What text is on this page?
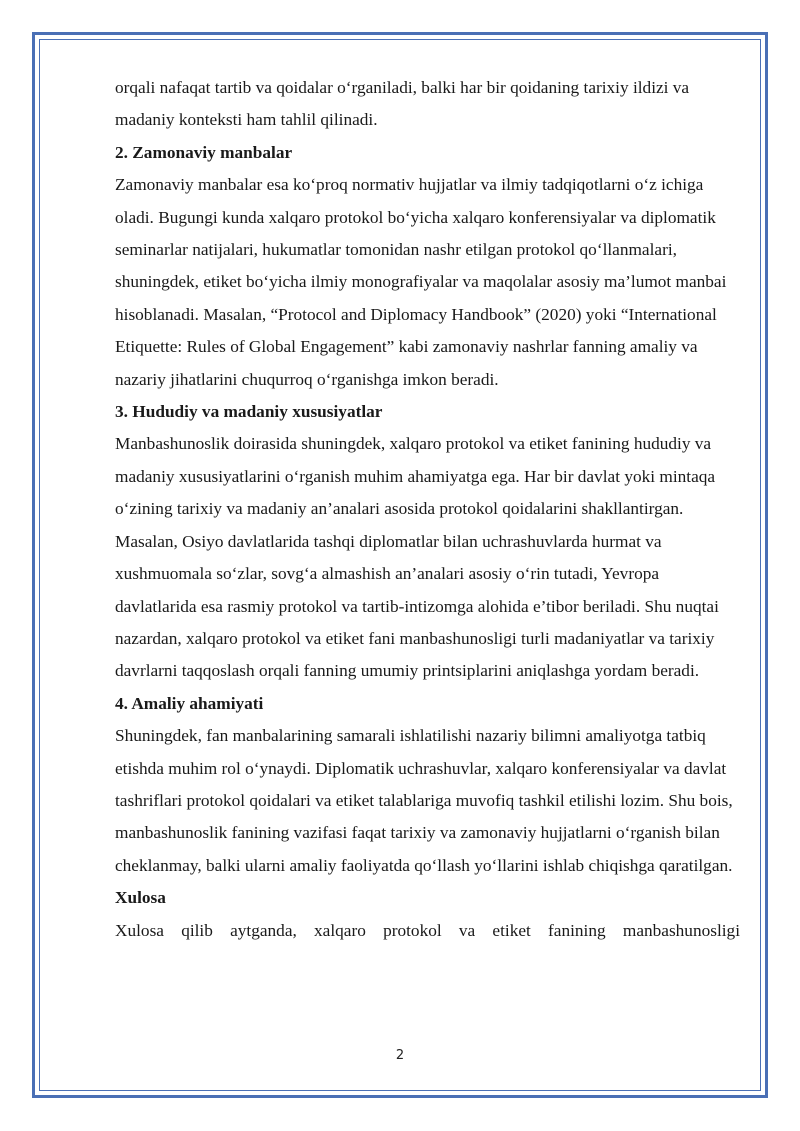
orqali nafaqat tartib va qoidalar o‘rganiladi, balki har bir qoidaning tarixiy ildizi va madaniy konteksti ham tahlil qilinadi.

2. Zamonaviy manbalar

Zamonaviy manbalar esa ko‘proq normativ hujjatlar va ilmiy tadqiqotlarni o‘z ichiga oladi. Bugungi kunda xalqaro protokol bo‘yicha xalqaro konferensiyalar va diplomatik seminarlar natijalari, hukumatlar tomonidan nashr etilgan protokol qo‘llanmalari, shuningdek, etiket bo‘yicha ilmiy monografiyalar va maqolalar asosiy ma’lumot manbai hisoblanadi. Masalan, “Protocol and Diplomacy Handbook” (2020) yoki “International Etiquette: Rules of Global Engagement” kabi zamonaviy nashrlar fanning amaliy va nazariy jihatlarini chuqurroq o‘rganishga imkon beradi.

3. Hududiy va madaniy xususiyatlar

Manbashunoslik doirasida shuningdek, xalqaro protokol va etiket fanining hududiy va madaniy xususiyatlarini o‘rganish muhim ahamiyatga ega. Har bir davlat yoki mintaqa o‘zining tarixiy va madaniy an’analari asosida protokol qoidalarini shakllantirgan. Masalan, Osiyo davlatlarida tashqi diplomatlar bilan uchrashuvlarda hurmat va xushmuomala so‘zlar, sovg‘a almashish an’analari asosiy o‘rin tutadi, Yevropa davlatlarida esa rasmiy protokol va tartib-intizomga alohida e’tibor beriladi. Shu nuqtai nazardan, xalqaro protokol va etiket fani manbashunosligi turli madaniyatlar va tarixiy davrlarni taqqoslash orqali fanning umumiy printsiplarini aniqlashga yordam beradi.

4. Amaliy ahamiyati

Shuningdek, fan manbalarining samarali ishlatilishi nazariy bilimni amaliyotga tatbiq etishda muhim rol o‘ynaydi. Diplomatik uchrashuvlar, xalqaro konferensiyalar va davlat tashriflari protokol qoidalari va etiket talablariga muvofiq tashkil etilishi lozim. Shu bois, manbashunoslik fanining vazifasi faqat tarixiy va zamonaviy hujjatlarni o‘rganish bilan cheklanmay, balki ularni amaliy faoliyatda qo‘llash yo‘llarini ishlab chiqishga qaratilgan.

Xulosa

Xulosa qilib aytganda, xalqaro protokol va etiket fanining manbashunosligi

2
